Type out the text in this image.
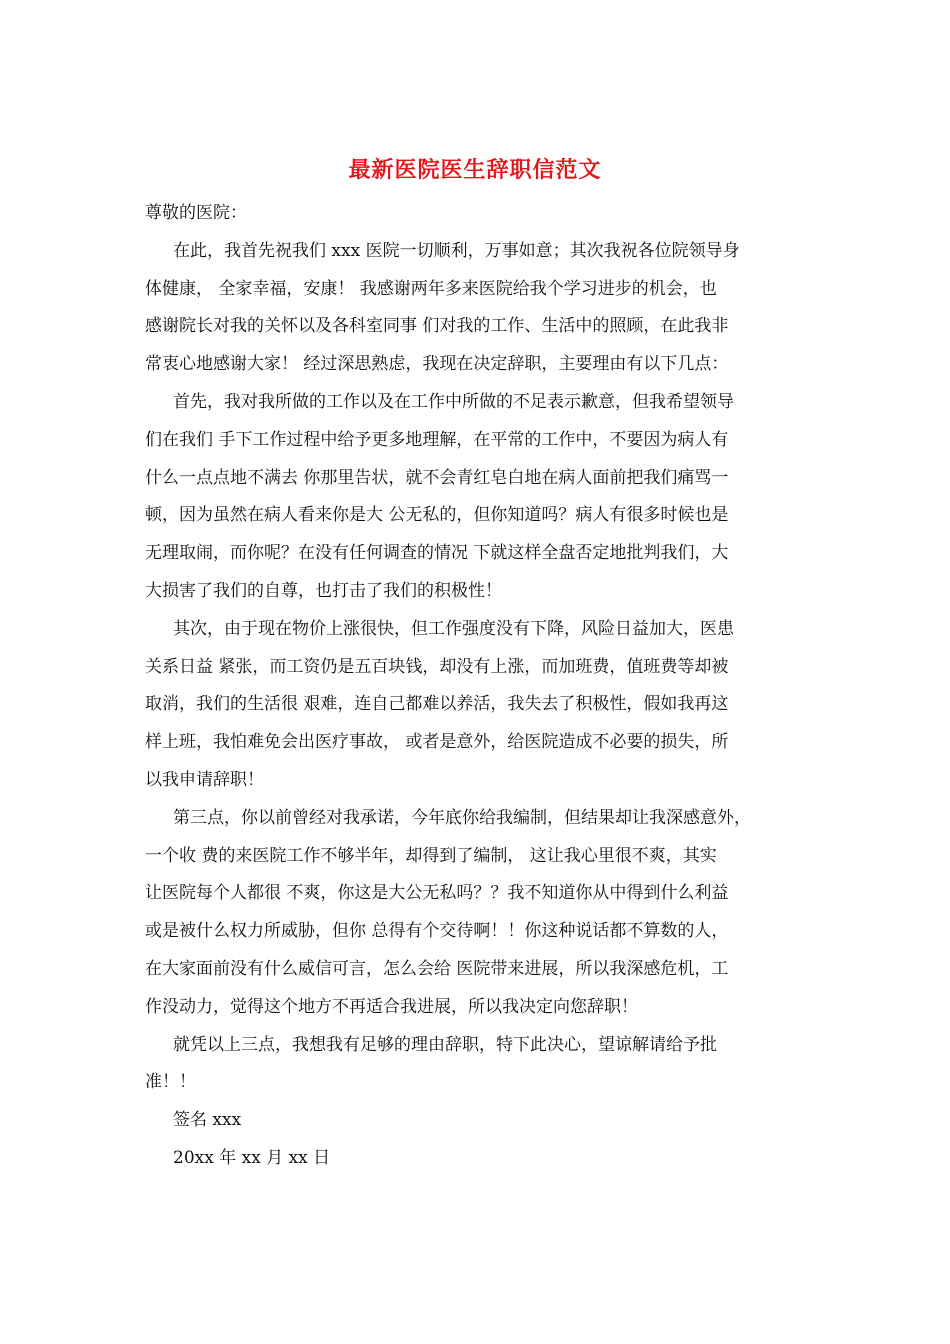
最新医院医生辞职信范文
尊敬的医院：
在此，我首先祝我们 xxx 医院一切顺利，万事如意；其次我祝各位院领导身
体健康， 全家幸福，安康！ 我感谢两年多来医院给我个学习进步的机会，也
感谢院长对我的关怀以及各科室同事 们对我的工作、生活中的照顾，在此我非
常衷心地感谢大家！ 经过深思熟虑，我现在决定辞职，主要理由有以下几点：
首先，我对我所做的工作以及在工作中所做的不足表示歉意，但我希望领导
们在我们 手下工作过程中给予更多地理解，在平常的工作中，不要因为病人有
什么一点点地不满去 你那里告状，就不会青红皂白地在病人面前把我们痛骂一
顿，因为虽然在病人看来你是大 公无私的，但你知道吗？病人有很多时候也是
无理取闹，而你呢？在没有任何调查的情况 下就这样全盘否定地批判我们，大
大损害了我们的自尊，也打击了我们的积极性！
其次，由于现在物价上涨很快，但工作强度没有下降，风险日益加大，医患
关系日益 紧张，而工资仍是五百块钱，却没有上涨，而加班费，值班费等却被
取消，我们的生活很 艰难，连自己都难以养活，我失去了积极性，假如我再这
样上班，我怕难免会出医疗事故， 或者是意外，给医院造成不必要的损失，所
以我申请辞职！
第三点，你以前曾经对我承诺，今年底你给我编制，但结果却让我深感意外，
一个收 费的来医院工作不够半年，却得到了编制， 这让我心里很不爽，其实
让医院每个人都很 不爽，你这是大公无私吗？？我不知道你从中得到什么利益
或是被什么权力所威胁，但你 总得有个交待啊！！你这种说话都不算数的人，
在大家面前没有什么威信可言，怎么会给 医院带来进展，所以我深感危机，工
作没动力，觉得这个地方不再适合我进展，所以我决定向您辞职！
就凭以上三点，我想我有足够的理由辞职，特下此决心，望谅解请给予批
准！！
签名 xxx
20xx 年 xx 月 xx 日
